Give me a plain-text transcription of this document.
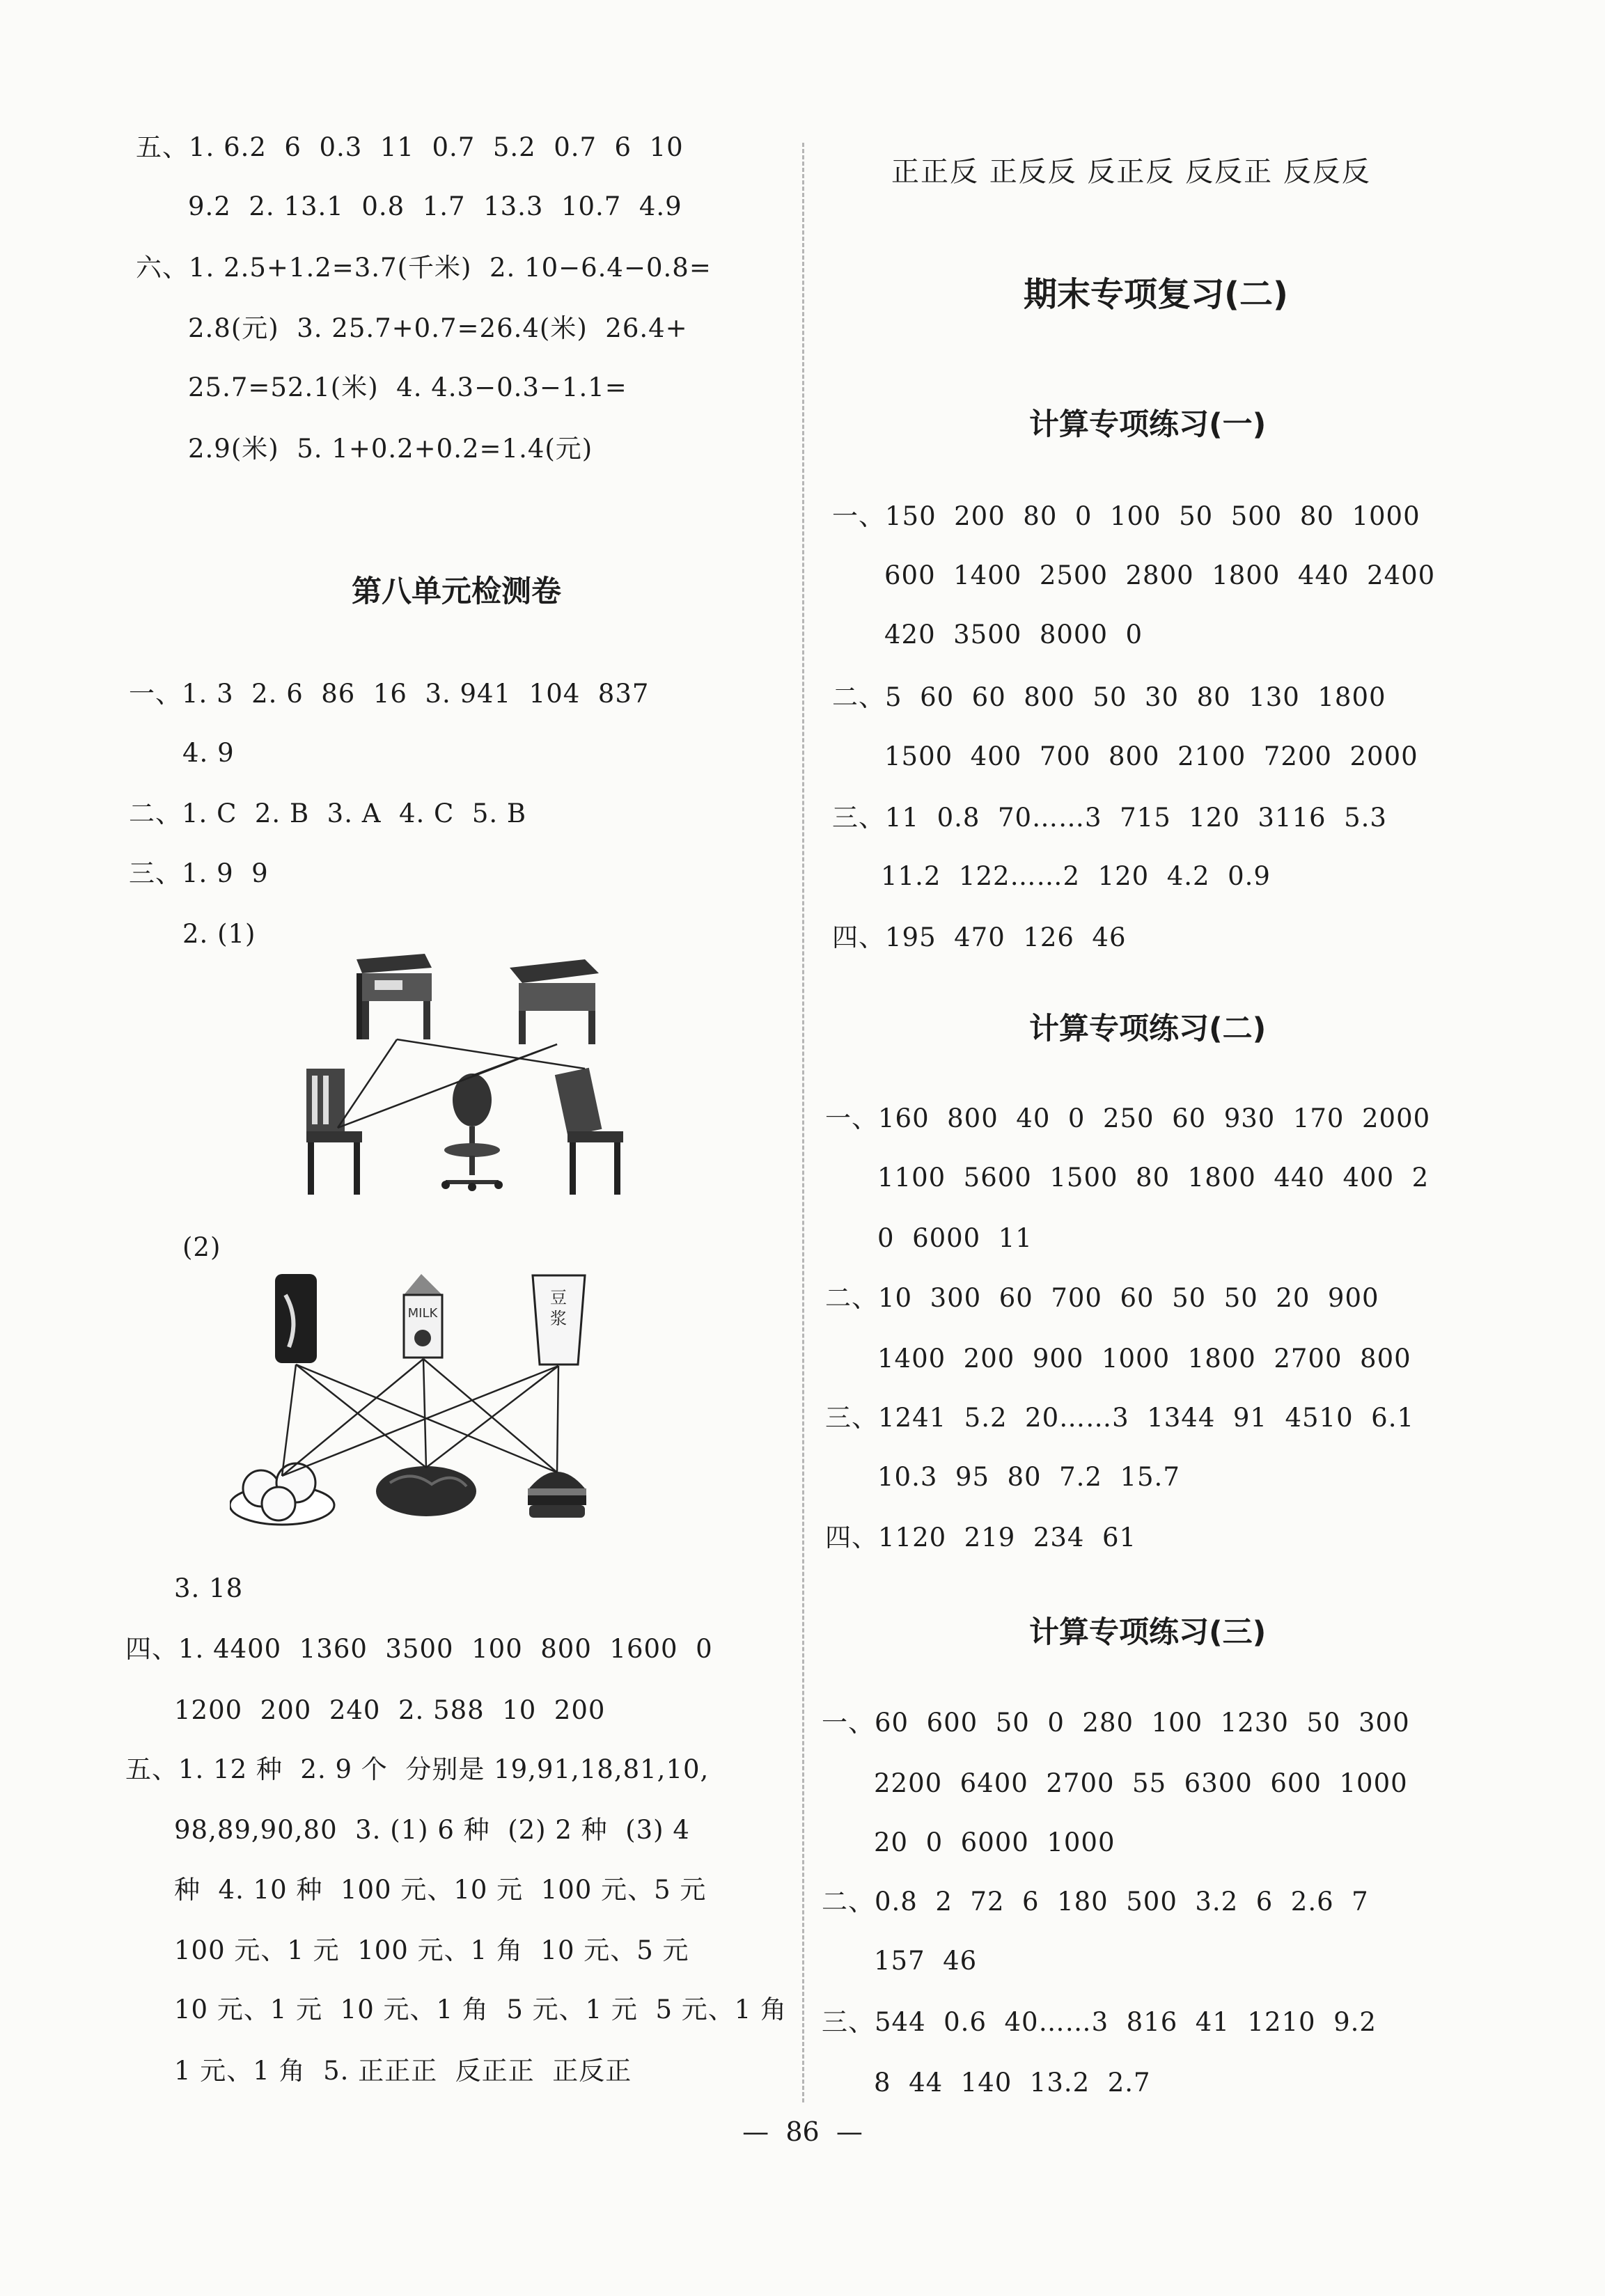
五、1. 6.2  6  0.3  11  0.7  5.2  0.7  6  10
9.2  2. 13.1  0.8  1.7  13.3  10.7  4.9
六、1. 2.5+1.2=3.7(千米)  2. 10−6.4−0.8=
2.8(元)  3. 25.7+0.7=26.4(米)  26.4+
25.7=52.1(米)  4. 4.3−0.3−1.1=
2.9(米)  5. 1+0.2+0.2=1.4(元)
第八单元检测卷
一、1. 3  2. 6  86  16  3. 941  104  837
4. 9
二、1. C  2. B  3. A  4. C  5. B
三、1. 9  9
2. (1)
(2)
3. 18
四、1. 4400  1360  3500  100  800  1600  0
1200  200  240  2. 588  10  200
五、1. 12 种  2. 9 个  分别是 19,91,18,81,10,
98,89,90,80  3. (1) 6 种  (2) 2 种  (3) 4
种  4. 10 种  100 元、10 元  100 元、5 元
100 元、1 元  100 元、1 角  10 元、5 元
10 元、1 元  10 元、1 角  5 元、1 元  5 元、1 角
1 元、1 角  5. 正正正  反正正  正反正
MILK
豆
浆
正正反 正反反 反正反 反反正 反反反
期末专项复习(二)
计算专项练习(一)
一、150  200  80  0  100  50  500  80  1000
600  1400  2500  2800  1800  440  2400
420  3500  8000  0
二、5  60  60  800  50  30  80  130  1800
1500  400  700  800  2100  7200  2000
三、11  0.8  70……3  715  120  3116  5.3
11.2  122……2  120  4.2  0.9
四、195  470  126  46
计算专项练习(二)
一、160  800  40  0  250  60  930  170  2000
1100  5600  1500  80  1800  440  400  2
0  6000  11
二、10  300  60  700  60  50  50  20  900
1400  200  900  1000  1800  2700  800
三、1241  5.2  20……3  1344  91  4510  6.1
10.3  95  80  7.2  15.7
四、1120  219  234  61
计算专项练习(三)
一、60  600  50  0  280  100  1230  50  300
2200  6400  2700  55  6300  600  1000
20  0  6000  1000
二、0.8  2  72  6  180  500  3.2  6  2.6  7
157  46
三、544  0.6  40……3  816  41  1210  9.2
8  44  140  13.2  2.7
—  86  —
